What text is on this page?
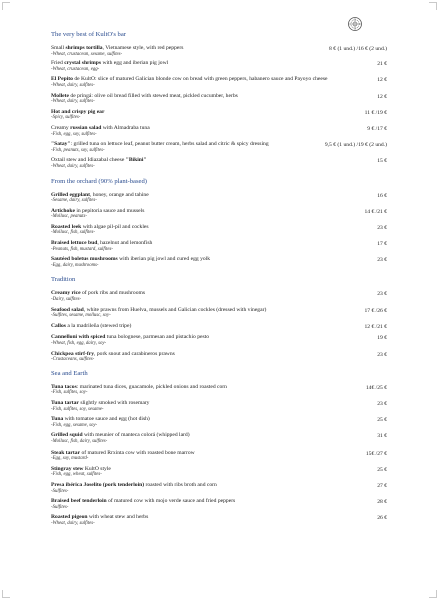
The very best of KultO's bar
Small shrimps tortilla, Vietnamese style, with red peppers
-Wheat, crustacean, sesame, sulfites-
8 € (1 und.) /16 € (2 und.)
Fried crystal shrimps with egg and iberian pig jowl
-Wheat, crustacean, egg-
21 €
El Pepito de KultO: slice of matured Galician blonde cow on bread with green peppers, habanero sauce and Payoyo cheese
-Wheat, dairy, sulfites-
12 €
Mollete de pringá: olive oil bread filled with stewed meat, pickled cucumber, herbs
-Wheat, dairy, sulfites-
12 €
Hot and crispy pig ear
-Spicy, sulfites-
11 € /19 €
Creamy russian salad with Almadraba tuna
-Fish, egg, soy, sulfites-
9 € /17 €
"Satay": grilled tuna on lettuce leaf, peanut butter cream, herbs salad and citric & spicy dressing
-Fish, peanuts, soy, sulfites-
9,5 € (1 und.) /19 € (2 und.)
Oxtail stew and Idiazabal cheese "Bikini"
-Wheat, dairy, sulfites-
15 €
From the orchard (90% plant-based)
Grilled eggplant, honey, orange and tahine
-Sesame, dairy, sulfites-
16 €
Artichoke in pepitoria sauce and mussels
-Mollusc, peanuts-
14 € /21 €
Roasted leek with algae pil-pil and cockles
-Mollusc, fish, sulfites-
23 €
Braised lettuce bud, hazelnut and lemonfish
-Peanuts, fish, mustard, sulfites-
17 €
Sautéed boletus mushrooms with iberian pig jowl and cured egg yolk
-Egg, dairy, mushrooms-
23 €
Tradition
Creamy rice of pork ribs and mushrooms
-Dairy, sulfites-
23 €
Seafood salad, white prawns from Huelva, mussels and Galician cockles (dressed with vinegar)
-Sulfites, sesame, mollusc, soy-
17 € /26 €
Callos a la madrileña (stewed tripe)	12 € /21 €
Cannelloni with spiced tuna bolognese, parmesan and pistachio pesto
-Wheat, fish, egg, dairy, soy-
19 €
Chickpea stirf-fry, pork snout and carabineros prawns
-Crustaceans, sulfites-
23 €
Sea and Earth
Tuna tacos: marinated tuna dices, guacamole, pickled onions and roasted corn
-Fish, sulfites, soy-
14€ /25 €
Tuna tartar slightly smoked with rosemary
-Fish, sulfites, soy, sesame-
23 €
Tuna with tomatoe sauce and egg (hot dish)
-Fish, egg, sesame, soy-
25 €
Grilled squid with meunier of manteca colorá (whipped lard)
-Mollusc, fish, dairy, sulfites-
31 €
Steak tartar of matured Rrxinta cow with roasted bone marrow
-Egg, soy, mustard-
15€ /27 €
Stingray stew KultO style
-Fish, egg, wheat, sulfites-
25 €
Presa ibérica Joselito (pork tenderloin) roasted with ribs broth and corn
-Sulfites-
27 €
Braised beef tenderloin of matured cow with mojo verde sauce and fried peppers
-Sulfites-
28 €
Roasted pigeon with wheat stew and herbs
-Wheat, dairy, sulfites-
26 €
